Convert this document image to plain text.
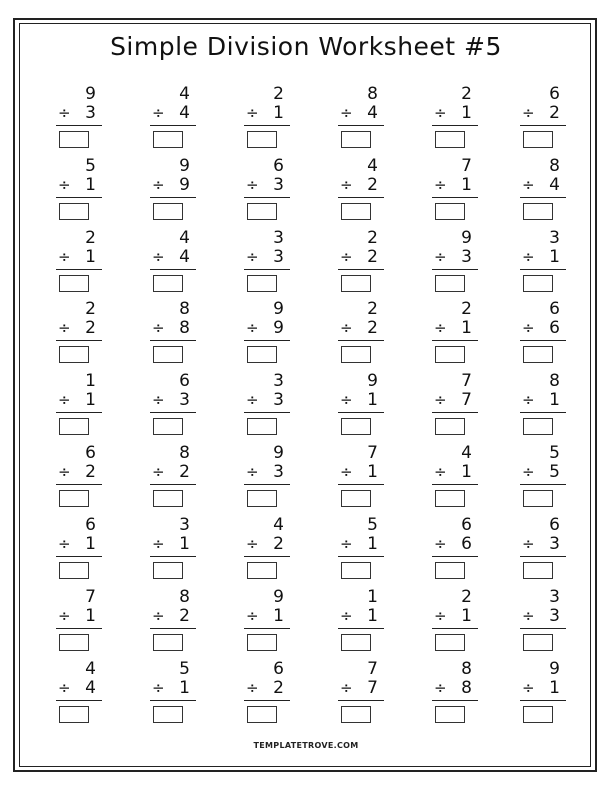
Simple Division Worksheet #5
9
÷ 3
4
÷ 4
2
÷ 1
8
÷ 4
2
÷ 1
6
÷ 2
5
÷ 1
9
÷ 9
6
÷ 3
4
÷ 2
7
÷ 1
8
÷ 4
2
÷ 1
4
÷ 4
3
÷ 3
2
÷ 2
9
÷ 3
3
÷ 1
2
÷ 2
8
÷ 8
9
÷ 9
2
÷ 2
2
÷ 1
6
÷ 6
1
÷ 1
6
÷ 3
3
÷ 3
9
÷ 1
7
÷ 7
8
÷ 1
6
÷ 2
8
÷ 2
9
÷ 3
7
÷ 1
4
÷ 1
5
÷ 5
6
÷ 1
3
÷ 1
4
÷ 2
5
÷ 1
6
÷ 6
6
÷ 3
7
÷ 1
8
÷ 2
9
÷ 1
1
÷ 1
2
÷ 1
3
÷ 3
4
÷ 4
5
÷ 1
6
÷ 2
7
÷ 7
8
÷ 8
9
÷ 1
TEMPLATETROVE.COM
